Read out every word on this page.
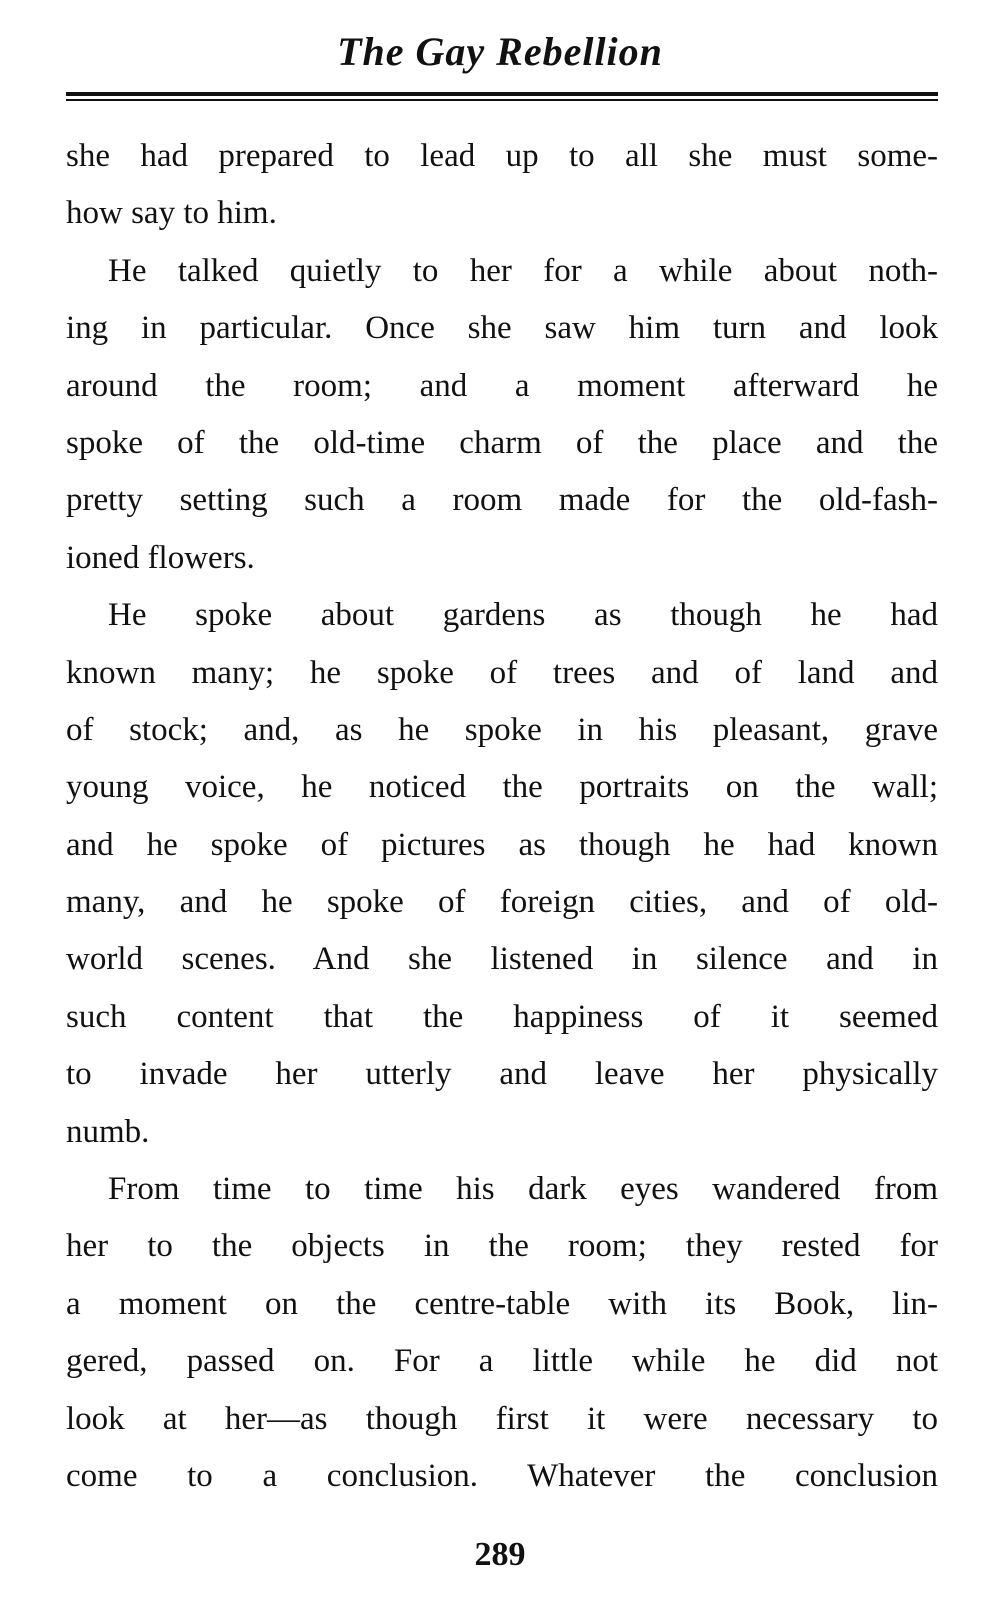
The Gay Rebellion
she had prepared to lead up to all she must some-
how say to him.
He talked quietly to her for a while about noth-
ing in particular. Once she saw him turn and look
around the room; and a moment afterward he
spoke of the old-time charm of the place and the
pretty setting such a room made for the old-fash-
ioned flowers.
He spoke about gardens as though he had
known many; he spoke of trees and of land and
of stock; and, as he spoke in his pleasant, grave
young voice, he noticed the portraits on the wall;
and he spoke of pictures as though he had known
many, and he spoke of foreign cities, and of old-
world scenes. And she listened in silence and in
such content that the happiness of it seemed
to invade her utterly and leave her physically
numb.
From time to time his dark eyes wandered from
her to the objects in the room; they rested for
a moment on the centre-table with its Book, lin-
gered, passed on. For a little while he did not
look at her—as though first it were necessary to
come to a conclusion. Whatever the conclusion
289
